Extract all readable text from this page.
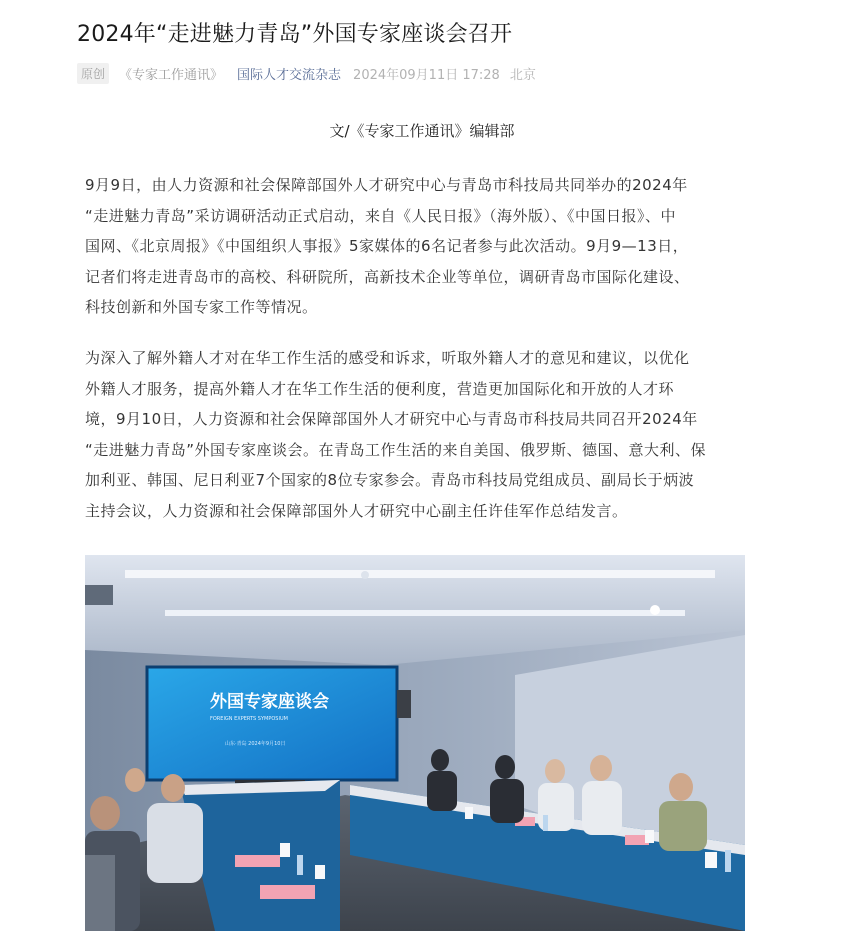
2024年“走进魅力青岛”外国专家座谈会召开
原创	《专家工作通讯》 国际人才交流杂志 2024年09月11日 17:28 北京
文/《专家工作通讯》编辑部
9月9日，由人力资源和社会保障部国外人才研究中心与青岛市科技局共同举办的2024年
“走进魅力青岛”采访调研活动正式启动，来自《人民日报》（海外版）、《中国日报》、中
国网、《北京周报》《中国组织人事报》5家媒体的6名记者参与此次活动。9月9—13日，
记者们将走进青岛市的高校、科研院所，高新技术企业等单位，调研青岛市国际化建设、
科技创新和外国专家工作等情况。
为深入了解外籍人才对在华工作生活的感受和诉求，听取外籍人才的意见和建议，以优化
外籍人才服务，提高外籍人才在华工作生活的便利度，营造更加国际化和开放的人才环
境，9月10日，人力资源和社会保障部国外人才研究中心与青岛市科技局共同召开2024年
“走进魅力青岛”外国专家座谈会。在青岛工作生活的来自美国、俄罗斯、德国、意大利、保
加利亚、韩国、尼日利亚7个国家的8位专家参会。青岛市科技局党组成员、副局长于炳波
主持会议，人力资源和社会保障部国外人才研究中心副主任许佳军作总结发言。
外国专家座谈会
FOREIGN EXPERTS SYMPOSIUM
山东·青岛 2024年9月10日
